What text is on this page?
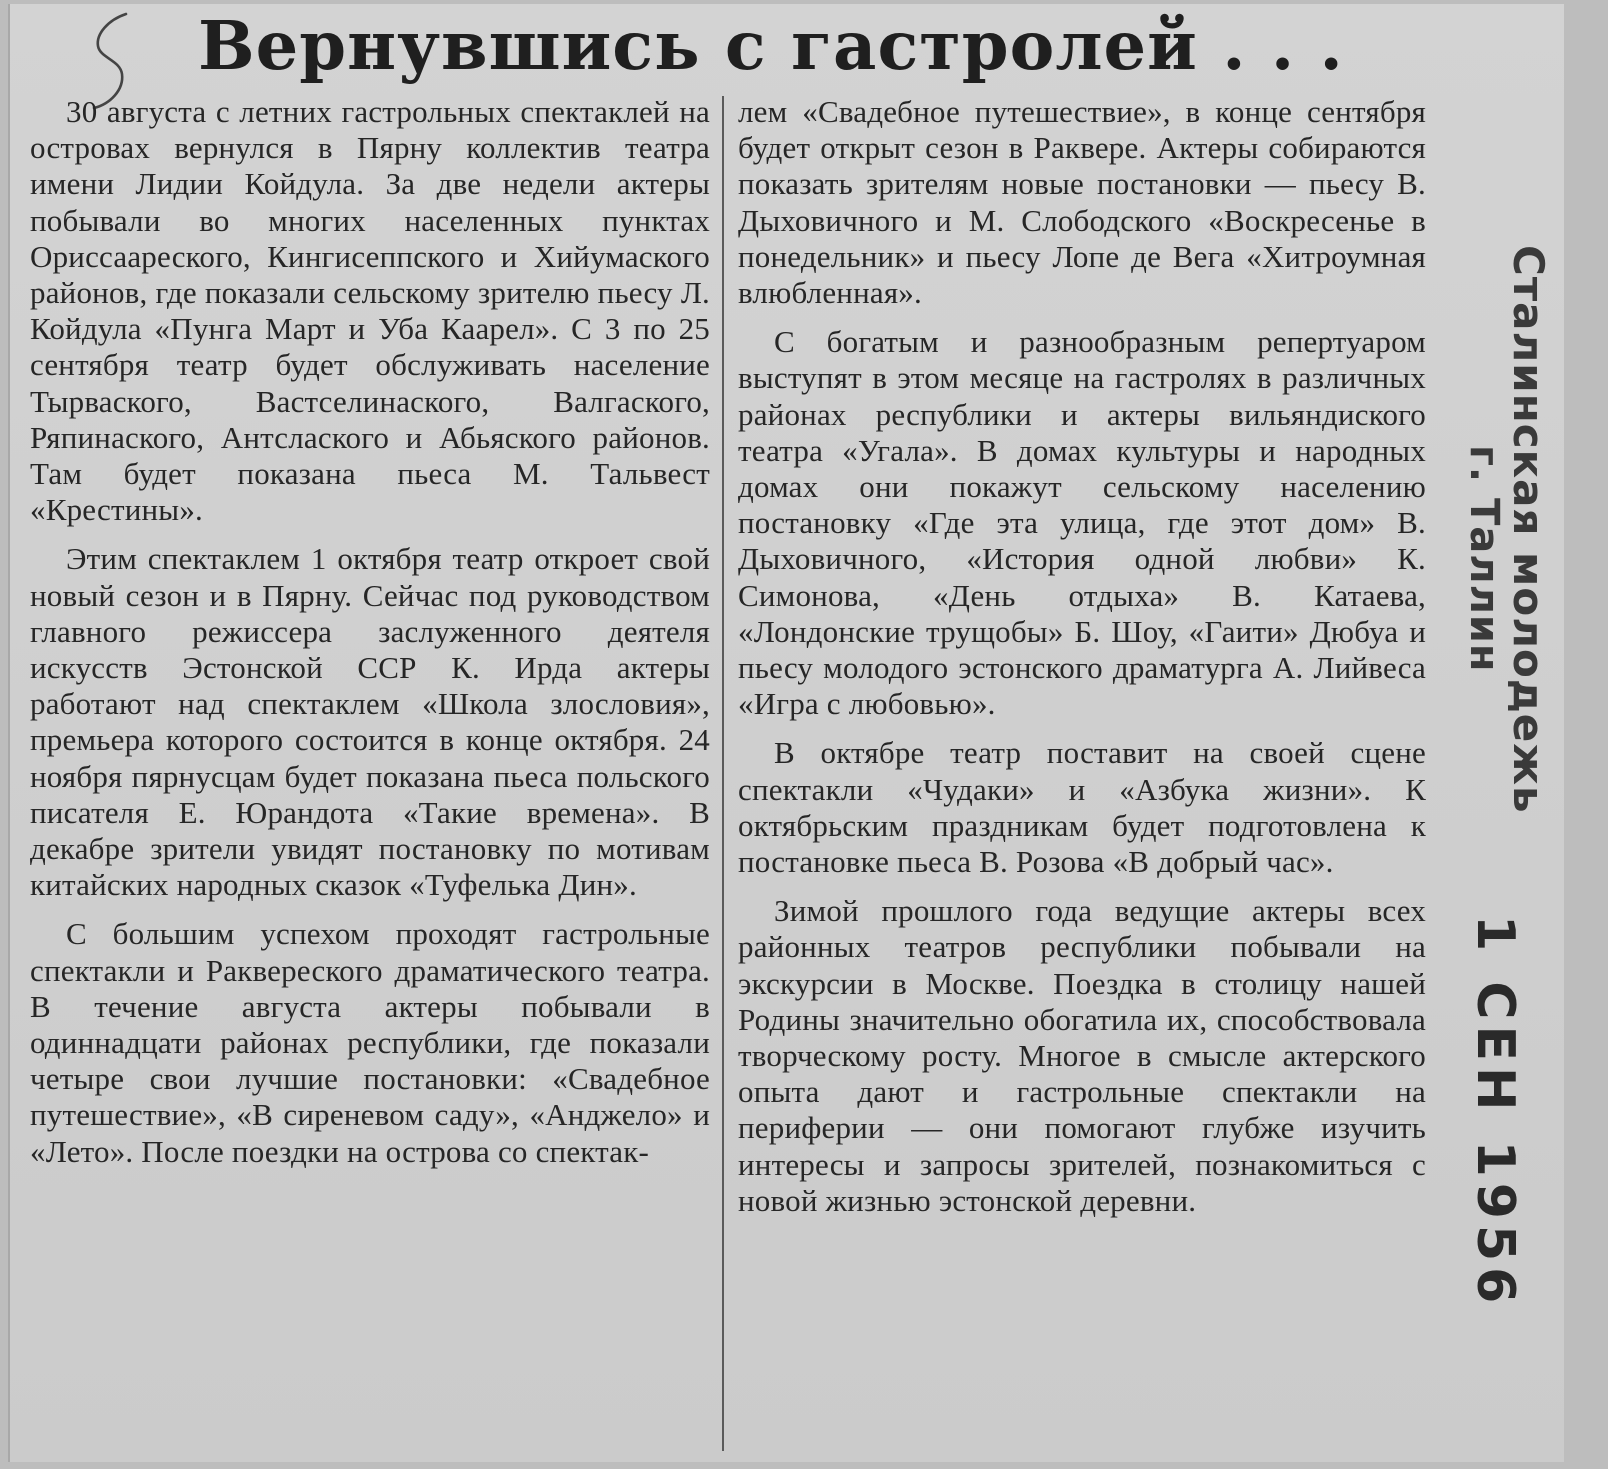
Вернувшись с гастролей . . .

30 августа с летних гастрольных спектаклей на островах вернулся в Пярну коллектив театра имени Лидии Койдула. За две недели актеры побывали во многих населенных пунктах Ориссаареского, Кингисеппского и Хийумаского районов, где показали сельскому зрителю пьесу Л. Койдула «Пунга Март и Уба Каарел». С 3 по 25 сентября театр будет обслуживать население Тырваского, Вастселинаского, Валгаского, Ряпинаского, Антслаского и Абьяского районов. Там будет показана пьеса М. Тальвест «Крестины».

Этим спектаклем 1 октября театр откроет свой новый сезон и в Пярну. Сейчас под руководством главного режиссера заслуженного деятеля искусств Эстонской ССР К. Ирда актеры работают над спектаклем «Школа злословия», премьера которого состоится в конце октября. 24 ноября пярнусцам будет показана пьеса польского писателя Е. Юрандота «Такие времена». В декабре зрители увидят постановку по мотивам китайских народных сказок «Туфелька Дин».

С большим успехом проходят гастрольные спектакли и Раквереского драматического театра. В течение августа актеры побывали в одиннадцати районах республики, где показали четыре свои лучшие постановки: «Свадебное путешествие», «В сиреневом саду», «Анджело» и «Лето». После поездки на острова со спектак-

лем «Свадебное путешествие», в конце сентября будет открыт сезон в Раквере. Актеры собираются показать зрителям новые постановки — пьесу В. Дыховичного и М. Слободского «Воскресенье в понедельник» и пьесу Лопе де Вега «Хитроумная влюбленная».

С богатым и разнообразным репертуаром выступят в этом месяце на гастролях в различных районах республики и актеры вильяндиского театра «Угала». В домах культуры и народных домах они покажут сельскому населению постановку «Где эта улица, где этот дом» В. Дыховичного, «История одной любви» К. Симонова, «День отдыха» В. Катаева, «Лондонские трущобы» Б. Шоу, «Гаити» Дюбуа и пьесу молодого эстонского драматурга А. Лийвеса «Игра с любовью».

В октябре театр поставит на своей сцене спектакли «Чудаки» и «Азбука жизни». К октябрьским праздникам будет подготовлена к постановке пьеса В. Розова «В добрый час».

Зимой прошлого года ведущие актеры всех районных театров республики побывали на экскурсии в Москве. Поездка в столицу нашей Родины значительно обогатила их, способствовала творческому росту. Многое в смысле актерского опыта дают и гастрольные спектакли на периферии — они помогают глубже изучить интересы и запросы зрителей, познакомиться с новой жизнью эстонской деревни.

Сталинская молодежь
г. Таллин
1 СЕН 1956
